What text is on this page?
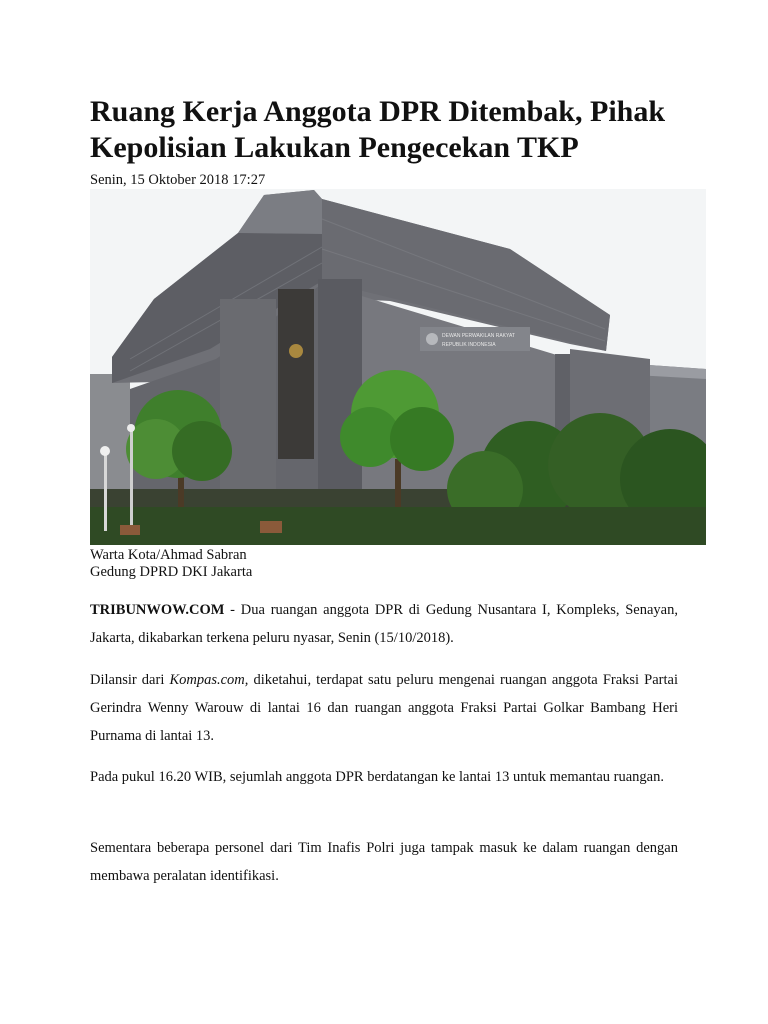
Ruang Kerja Anggota DPR Ditembak, Pihak Kepolisian Lakukan Pengecekan TKP
Senin, 15 Oktober 2018 17:27
DEWAN PERWAKILAN RAKYAT
REPUBLIK INDONESIA
Warta Kota/Ahmad Sabran
Gedung DPRD DKI Jakarta

TRIBUNWOW.COM - Dua ruangan anggota DPR di Gedung Nusantara I, Kompleks, Senayan, Jakarta, dikabarkan terkena peluru nyasar, Senin (15/10/2018).

Dilansir dari Kompas.com, diketahui, terdapat satu peluru mengenai ruangan anggota Fraksi Partai Gerindra Wenny Warouw di lantai 16 dan ruangan anggota Fraksi Partai Golkar Bambang Heri Purnama di lantai 13.

Pada pukul 16.20 WIB, sejumlah anggota DPR berdatangan ke lantai 13 untuk memantau ruangan.

Sementara beberapa personel dari Tim Inafis Polri juga tampak masuk ke dalam ruangan dengan membawa peralatan identifikasi.
